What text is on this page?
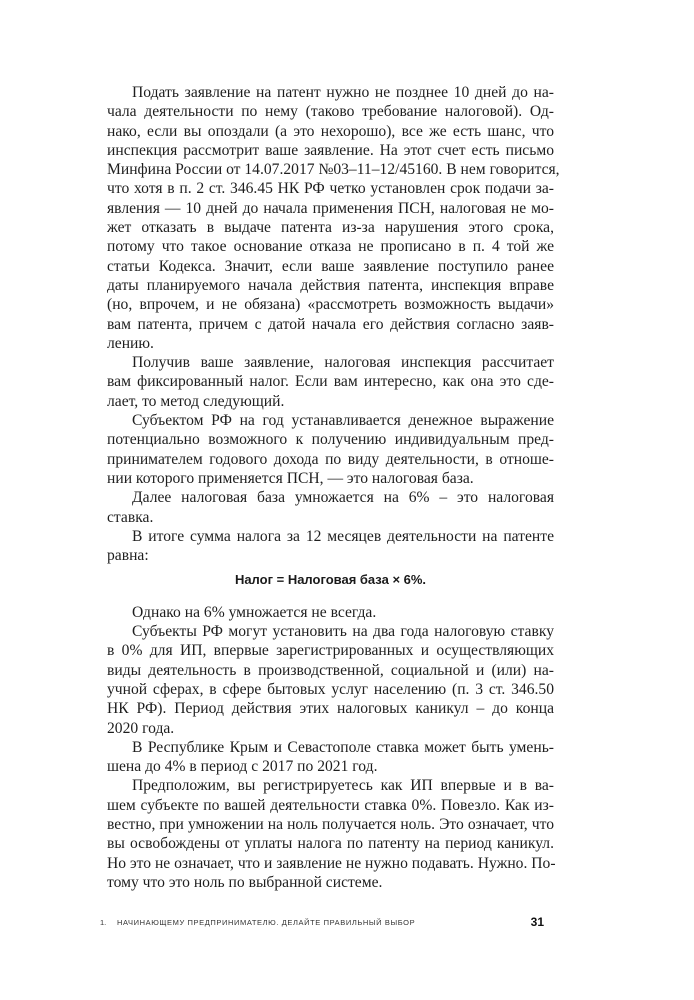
Подать заявление на патент нужно не позднее 10 дней до на-
чала деятельности по нему (таково требование налоговой). Од-
нако, если вы опоздали (а это нехорошо), все же есть шанс, что
инспекция рассмотрит ваше заявление. На этот счет есть письмо
Минфина России от 14.07.2017 №03–11–12/45160. В нем говорится,
что хотя в п. 2 ст. 346.45 НК РФ четко установлен срок подачи за-
явления — 10 дней до начала применения ПСН, налоговая не мо-
жет отказать в выдаче патента из-за нарушения этого срока,
потому что такое основание отказа не прописано в п. 4 той же
статьи Кодекса. Значит, если ваше заявление поступило ранее
даты планируемого начала действия патента, инспекция вправе
(но, впрочем, и не обязана) «рассмотреть возможность выдачи»
вам патента, причем с датой начала его действия согласно заяв-
лению.
Получив ваше заявление, налоговая инспекция рассчитает
вам фиксированный налог. Если вам интересно, как она это сде-
лает, то метод следующий.
Субъектом РФ на год устанавливается денежное выражение
потенциально возможного к получению индивидуальным пред-
принимателем годового дохода по виду деятельности, в отноше-
нии которого применяется ПСН, — это налоговая база.
Далее налоговая база умножается на 6% – это налоговая
ставка.
В итоге сумма налога за 12 месяцев деятельности на патенте
равна:
Налог = Налоговая база × 6%.
Однако на 6% умножается не всегда.
Субъекты РФ могут установить на два года налоговую ставку
в 0% для ИП, впервые зарегистрированных и осуществляющих
виды деятельность в производственной, социальной и (или) на-
учной сферах, в сфере бытовых услуг населению (п. 3 ст. 346.50
НК РФ). Период действия этих налоговых каникул – до конца
2020 года.
В Республике Крым и Севастополе ставка может быть умень-
шена до 4% в период с 2017 по 2021 год.
Предположим, вы регистрируетесь как ИП впервые и в ва-
шем субъекте по вашей деятельности ставка 0%. Повезло. Как из-
вестно, при умножении на ноль получается ноль. Это означает, что
вы освобождены от уплаты налога по патенту на период каникул.
Но это не означает, что и заявление не нужно подавать. Нужно. По-
тому что это ноль по выбранной системе.
1. НАЧИНАЮЩЕМУ ПРЕДПРИНИМАТЕЛЮ. ДЕЛАЙТЕ ПРАВИЛЬНЫЙ ВЫБОР	31
